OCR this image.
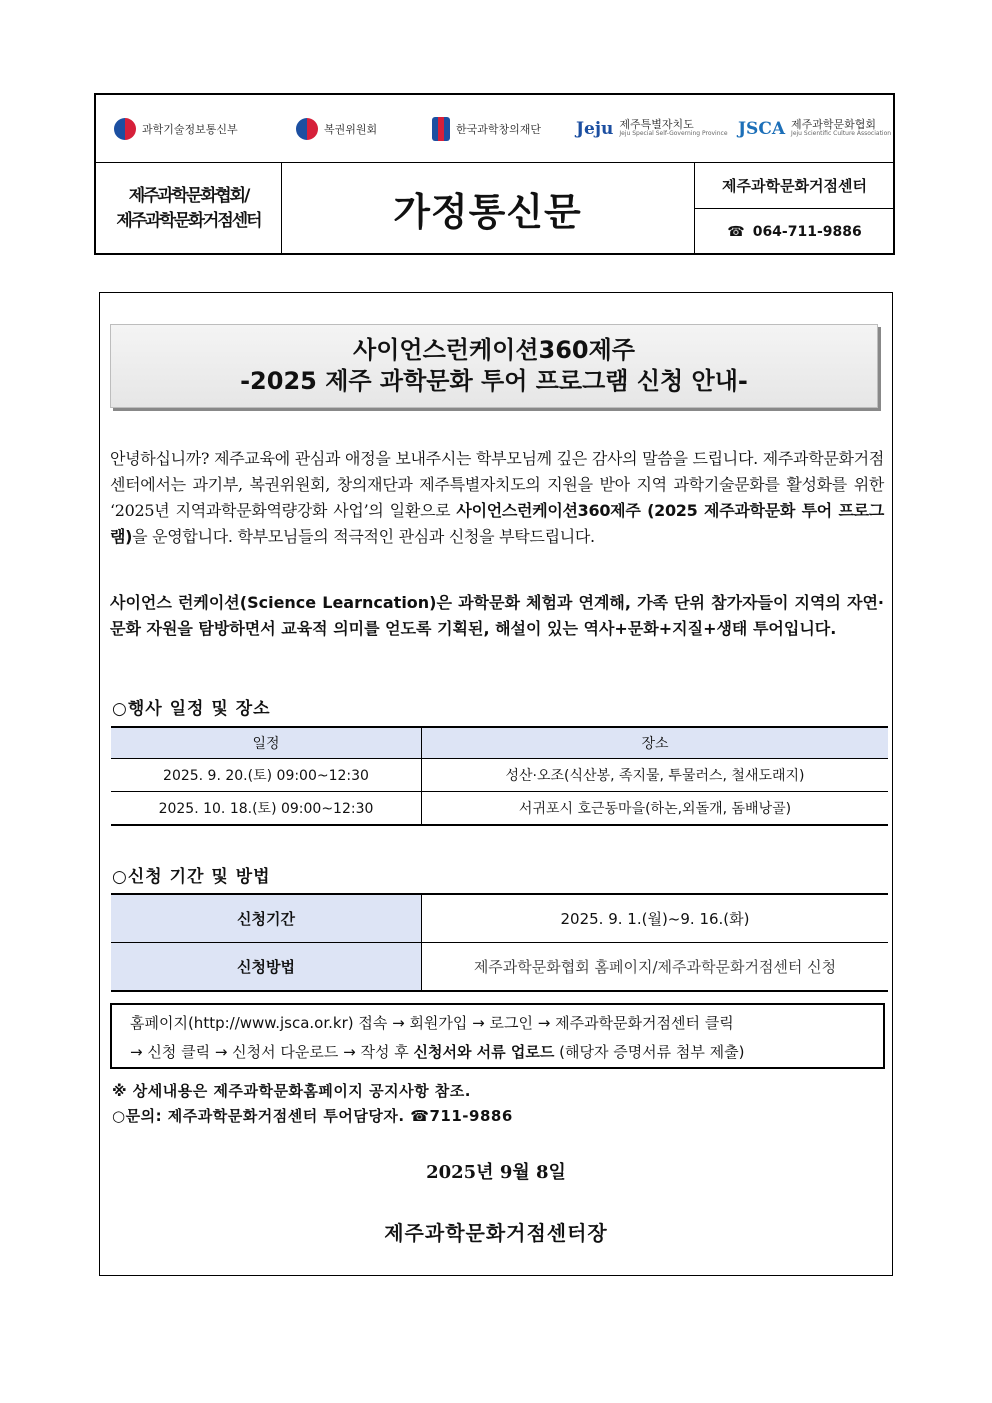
과학기술정보통신부	복권위원회	한국과학창의재단 Jeju 제주특별자치도
Jeju Special Self-Governing Province JSCA 제주과학문화협회
Jeju Scientific Culture Association
제주과학문화협회/
제주과학문화거점센터	가정통신문
제주과학문화거점센터
☎ 064-711-9886
사이언스런케이션360제주
-2025 제주 과학문화 투어 프로그램 신청 안내-

안녕하십니까? 제주교육에 관심과 애정을 보내주시는 학부모님께 깊은 감사의 말씀을 드립니다. 제주과학문화거점센터에서는 과기부, 복권위원회, 창의재단과 제주특별자치도의 지원을 받아 지역 과학기술문화를 활성화를 위한 ‘2025년 지역과학문화역량강화 사업’의 일환으로 사이언스런케이션360제주 (2025 제주과학문화 투어 프로그램)을 운영합니다. 학부모님들의 적극적인 관심과 신청을 부탁드립니다.

사이언스 런케이션(Science Learncation)은 과학문화 체험과 연계해, 가족 단위 참가자들이 지역의 자연·문화 자원을 탐방하면서 교육적 의미를 얻도록 기획된, 해설이 있는 역사+문화+지질+생태 투어입니다.

○행사 일정 및 장소
일정	장소
2025. 9. 20.(토) 09:00~12:30	성산·오조(식산봉, 족지물, 투물러스, 철새도래지)
2025. 10. 18.(토) 09:00~12:30	서귀포시 호근동마을(하논,외돌개, 돔배낭골)
○신청 기간 및 방법
신청기간	2025. 9. 1.(월)~9. 16.(화)
신청방법	제주과학문화협회 홈페이지/제주과학문화거점센터 신청
홈페이지(http://www.jsca.or.kr) 접속 → 회원가입 → 로그인 → 제주과학문화거점센터 클릭
→ 신청 클릭 → 신청서 다운로드 → 작성 후 신청서와 서류 업로드 (해당자 증명서류 첨부 제출)
※ 상세내용은 제주과학문화홈페이지 공지사항 참조.
○문의: 제주과학문화거점센터 투어담당자. ☎711-9886
2025년 9월 8일
제주과학문화거점센터장
